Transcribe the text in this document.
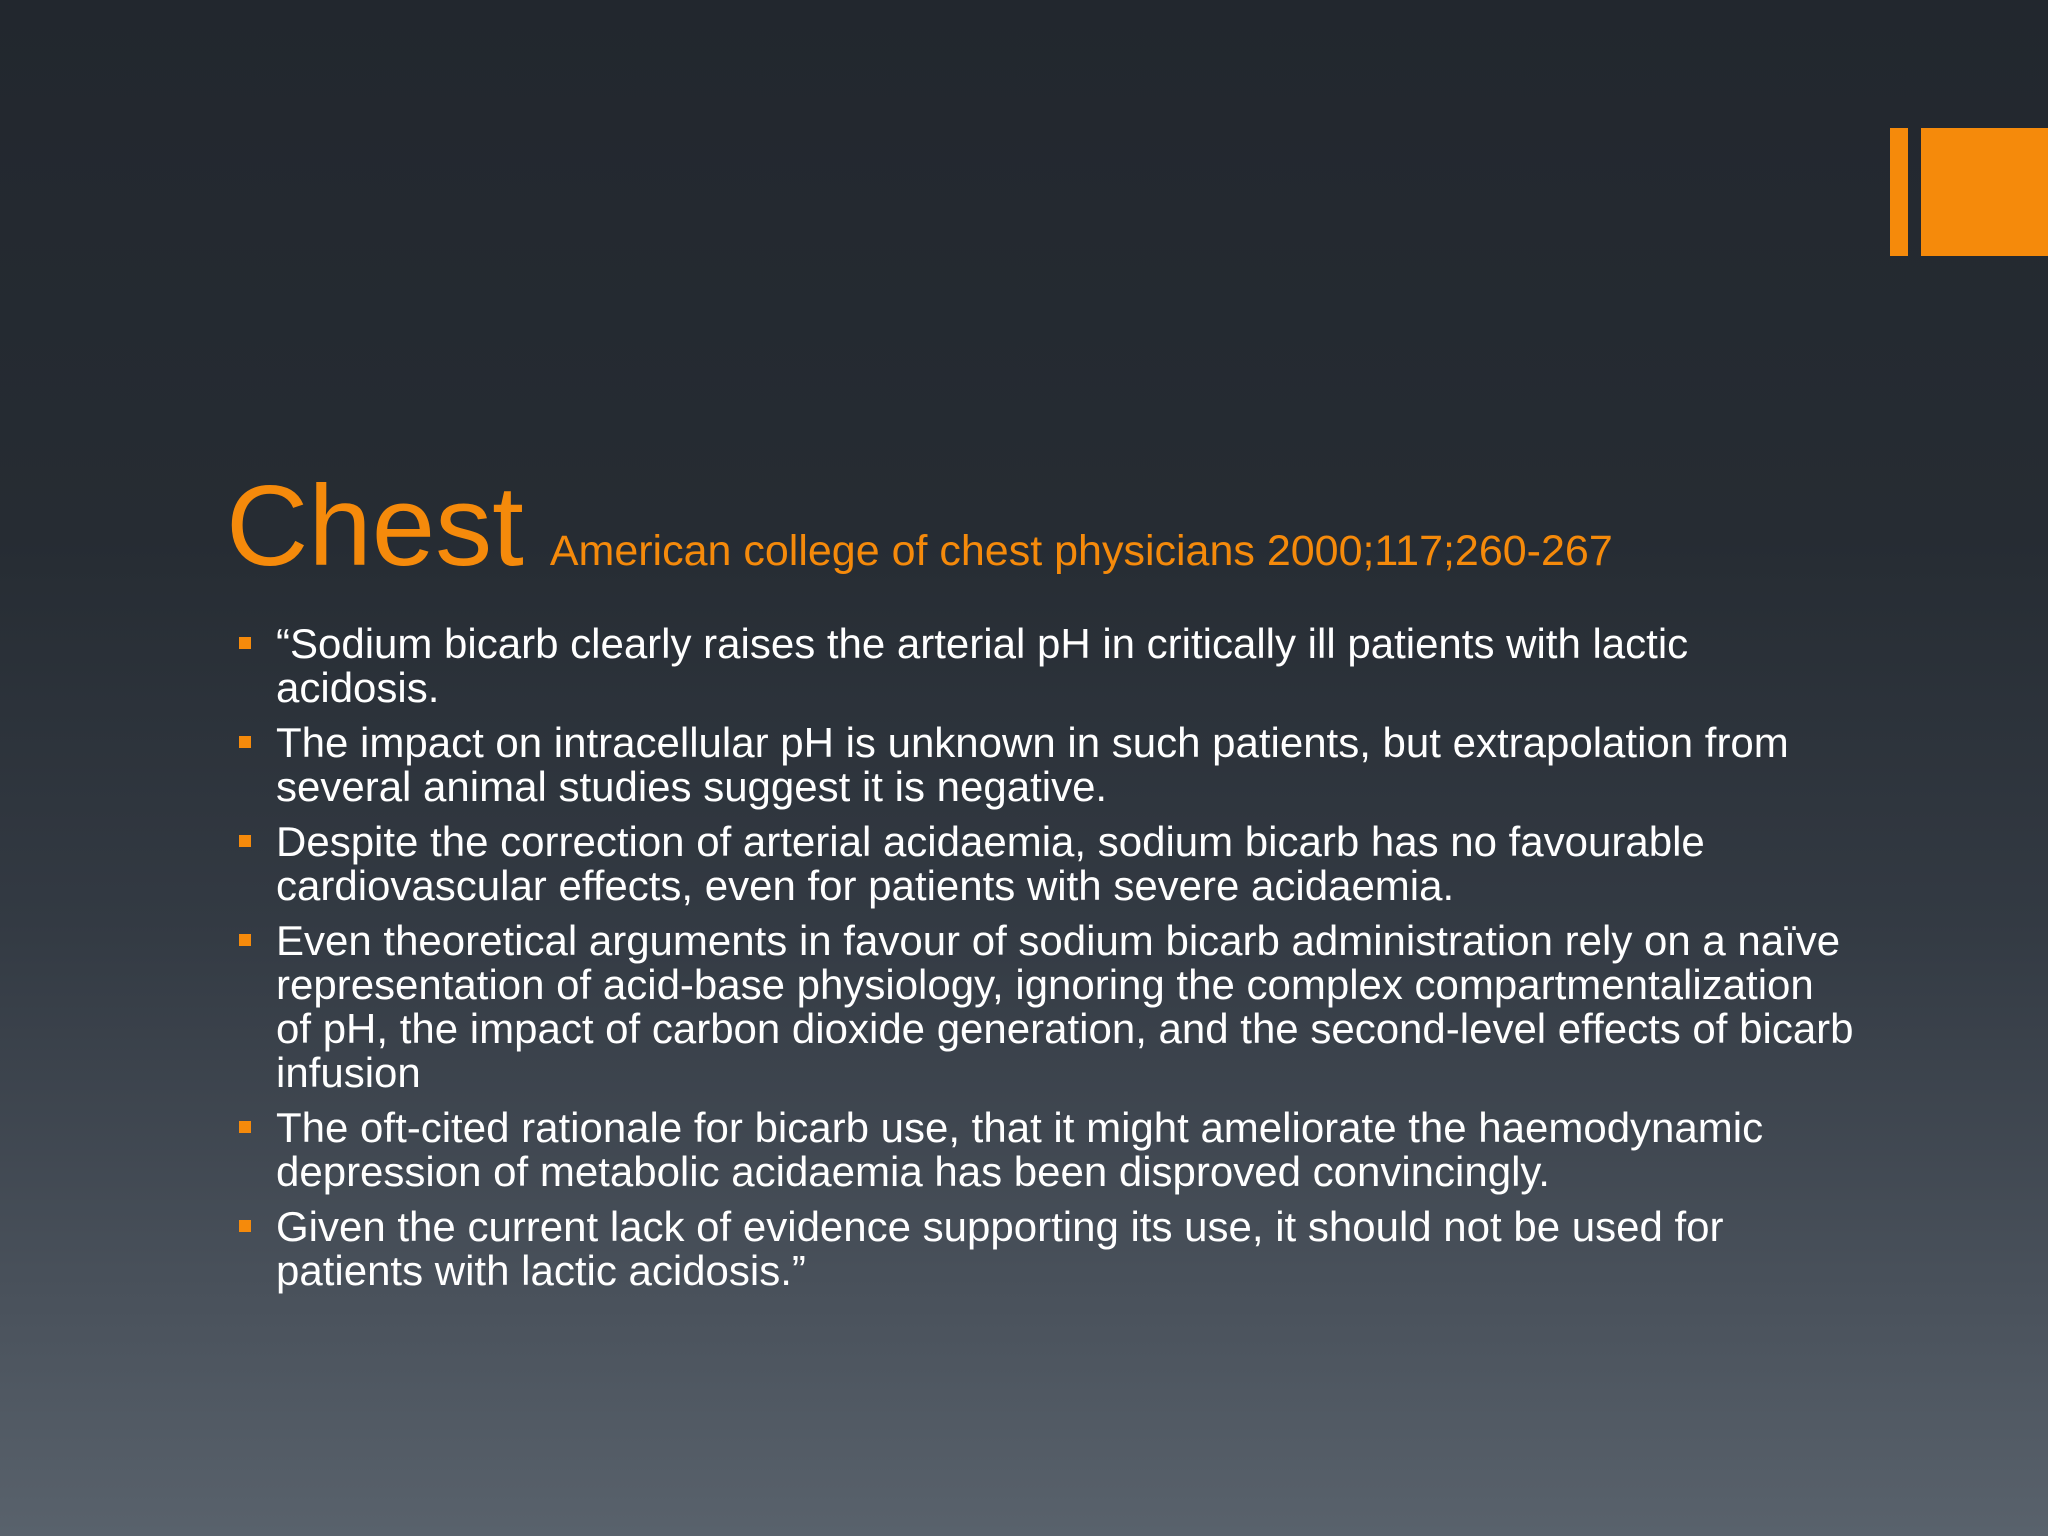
Chest American college of chest physicians 2000;117;260-267
“Sodium bicarb clearly raises the arterial pH in critically ill patients with lactic acidosis.
The impact on intracellular pH is unknown in such patients, but extrapolation from several animal studies suggest it is negative.
Despite the correction of arterial acidaemia, sodium bicarb has no favourable cardiovascular effects, even for patients with severe acidaemia.
Even theoretical arguments in favour of sodium bicarb administration rely on a naïve representation of acid-base physiology, ignoring the complex compartmentalization of pH, the impact of carbon dioxide generation, and the second-level effects of bicarb infusion
The oft-cited rationale for bicarb use, that it might ameliorate the haemodynamic depression of metabolic acidaemia has been disproved convincingly.
Given the current lack of evidence supporting its use, it should not be used for patients with lactic acidosis.”
